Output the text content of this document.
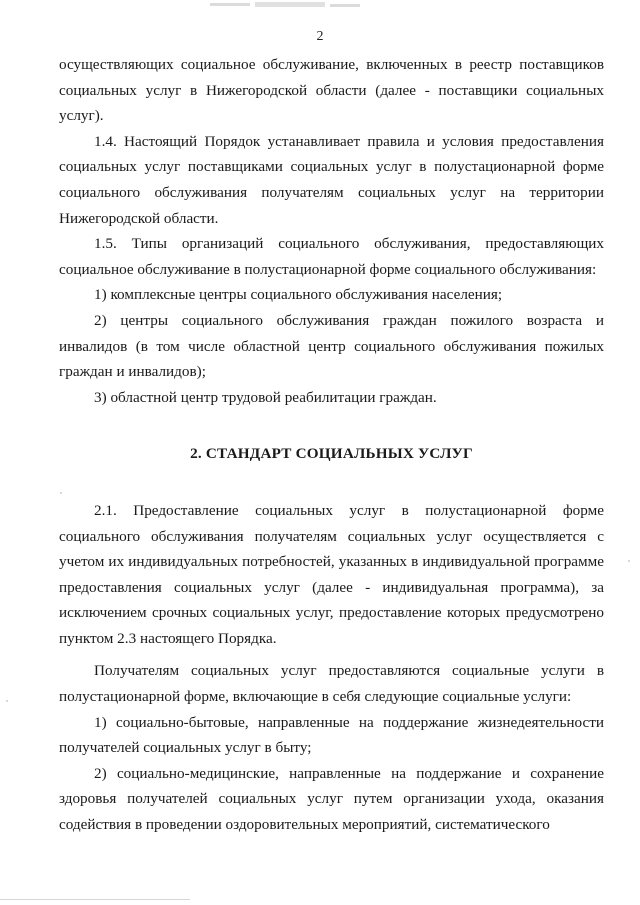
2

осуществляющих социальное обслуживание, включенных в реестр поставщиков социальных услуг в Нижегородской области (далее - поставщики социальных услуг).

1.4. Настоящий Порядок устанавливает правила и условия предоставления социальных услуг поставщиками социальных услуг в полустационарной форме социального обслуживания получателям социальных услуг на территории Нижегородской области.

1.5. Типы организаций социального обслуживания, предоставляющих социальное обслуживание в полустационарной форме социального обслуживания:

1) комплексные центры социального обслуживания населения;

2) центры социального обслуживания граждан пожилого возраста и инвалидов (в том числе областной центр социального обслуживания пожилых граждан и инвалидов);

3) областной центр трудовой реабилитации граждан.

2. СТАНДАРТ СОЦИАЛЬНЫХ УСЛУГ

2.1. Предоставление социальных услуг в полустационарной форме социального обслуживания получателям социальных услуг осуществляется с учетом их индивидуальных потребностей, указанных в индивидуальной программе предоставления социальных услуг (далее - индивидуальная программа), за исключением срочных социальных услуг, предоставление которых предусмотрено пунктом 2.3 настоящего Порядка.

Получателям социальных услуг предоставляются социальные услуги в полустационарной форме, включающие в себя следующие социальные услуги:

1) социально-бытовые, направленные на поддержание жизнедеятельности получателей социальных услуг в быту;

2) социально-медицинские, направленные на поддержание и сохранение здоровья получателей социальных услуг путем организации ухода, оказания содействия в проведении оздоровительных мероприятий, систематического
